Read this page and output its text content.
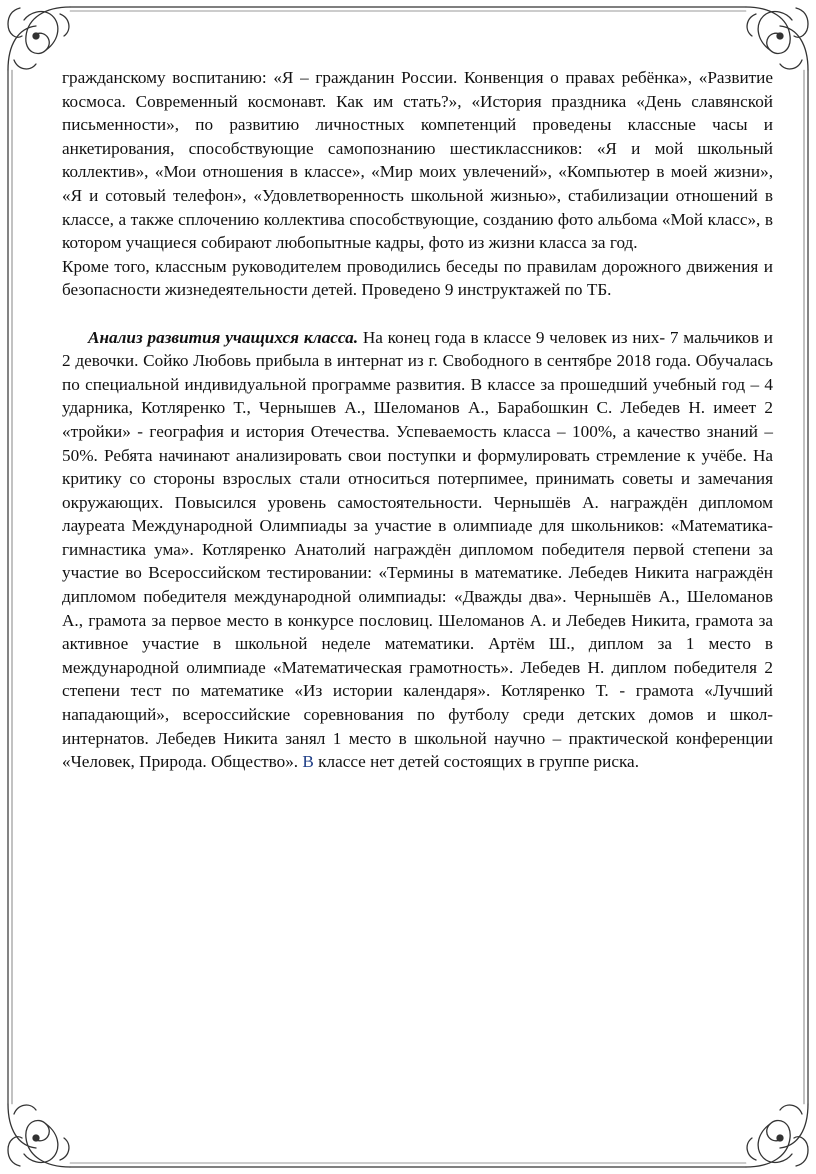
гражданскому воспитанию: «Я – гражданин России. Конвенция о правах ребёнка», «Развитие космоса. Современный космонавт. Как им стать?», «История праздника «День славянской письменности», по развитию личностных компетенций проведены классные часы и анкетирования, способствующие самопознанию шестиклассников: «Я и мой школьный коллектив», «Мои отношения в классе», «Мир моих увлечений», «Компьютер в моей жизни», «Я и сотовый телефон», «Удовлетворенность школьной жизнью», стабилизации отношений в классе, а также сплочению коллектива способствующие, созданию фото альбома «Мой класс», в котором учащиеся собирают любопытные кадры, фото из жизни класса за год.

Кроме того, классным руководителем проводились беседы по правилам дорожного движения и безопасности жизнедеятельности детей. Проведено 9 инструктажей по ТБ.

Анализ развития учащихся класса. На конец года в классе 9 человек из них- 7 мальчиков и 2 девочки. Сойко Любовь прибыла в интернат из г. Свободного в сентябре 2018 года. Обучалась по специальной индивидуальной программе развития. В классе за прошедший учебный год – 4 ударника, Котляренко Т., Чернышев А., Шеломанов А., Барабошкин С. Лебедев Н. имеет 2 «тройки» - география и история Отечества. Успеваемость класса – 100%, а качество знаний – 50%. Ребята начинают анализировать свои поступки и формулировать стремление к учёбе. На критику со стороны взрослых стали относиться потерпимее, принимать советы и замечания окружающих. Повысился уровень самостоятельности. Чернышёв А. награждён дипломом лауреата Международной Олимпиады за участие в олимпиаде для школьников: «Математика- гимнастика ума». Котляренко Анатолий награждён дипломом победителя первой степени за участие во Всероссийском тестировании: «Термины в математике. Лебедев Никита награждён дипломом победителя международной олимпиады: «Дважды два». Чернышёв А., Шеломанов А., грамота за первое место в конкурсе пословиц. Шеломанов А. и Лебедев Никита, грамота за активное участие в школьной неделе математики. Артём Ш., диплом за 1 место в международной олимпиаде «Математическая грамотность». Лебедев Н. диплом победителя 2 степени тест по математике «Из истории календаря». Котляренко Т. - грамота «Лучший нападающий», всероссийские соревнования по футболу среди детских домов и школ-интернатов. Лебедев Никита занял 1 место в школьной научно – практической конференции «Человек, Природа. Общество». В классе нет детей состоящих в группе риска.
